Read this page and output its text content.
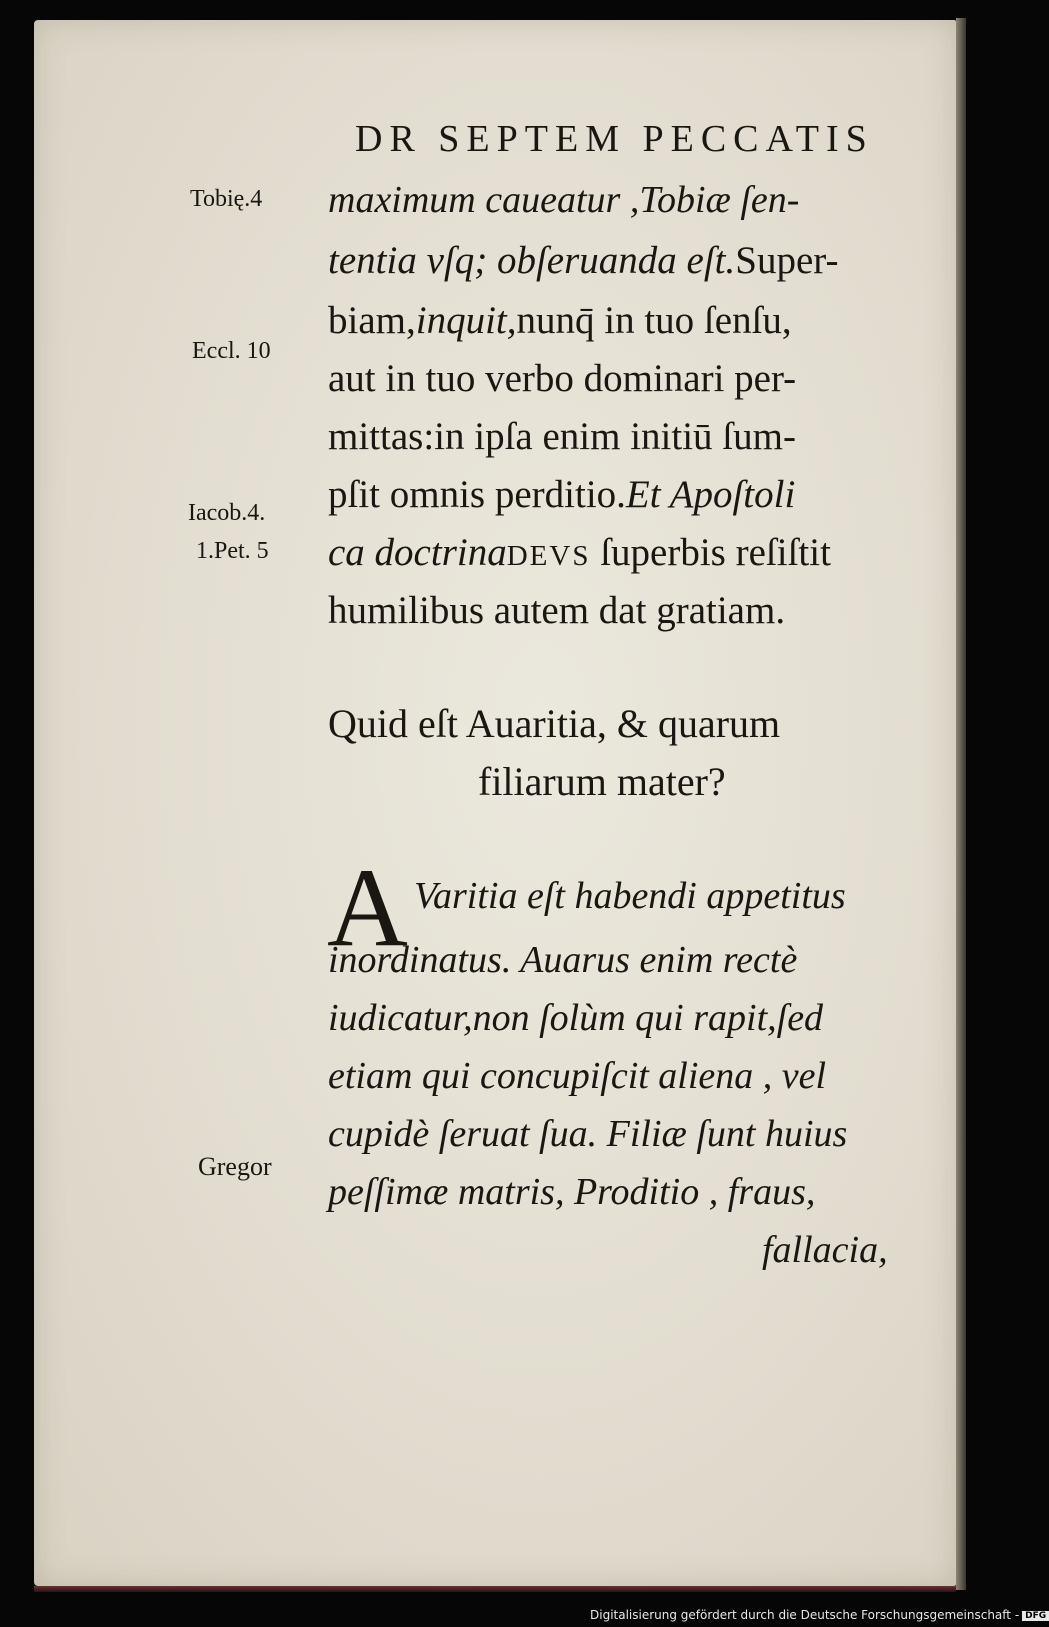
DR SEPTEM PECCATIS
Tobię.4
Eccl. 10
Iacob.4.
1.Pet. 5
Gregor
maximum caueatur ,Tobiæ ſen-
tentia vſq; obſeruanda eſt.Super-
biam,inquit,nunq̄ in tuo ſenſu,
aut in tuo verbo dominari per-
mittas:in ipſa enim initiū ſum-
pſit omnis perditio.Et Apoſtoli
ca doctrinaDEVS ſuperbis reſiſtit
humilibus autem dat gratiam.
Quid eſt Auaritia, & quarum
filiarum mater?
A Varitia eſt habendi appetitus
inordinatus. Auarus enim rectè
iudicatur,non ſolùm qui rapit,ſed
etiam qui concupiſcit aliena , vel
cupidè ſeruat ſua. Filiæ ſunt huius
peſſimæ matris, Proditio , fraus,
fallacia,
Digitalisierung gefördert durch die Deutsche Forschungsgemeinschaft - DFG
